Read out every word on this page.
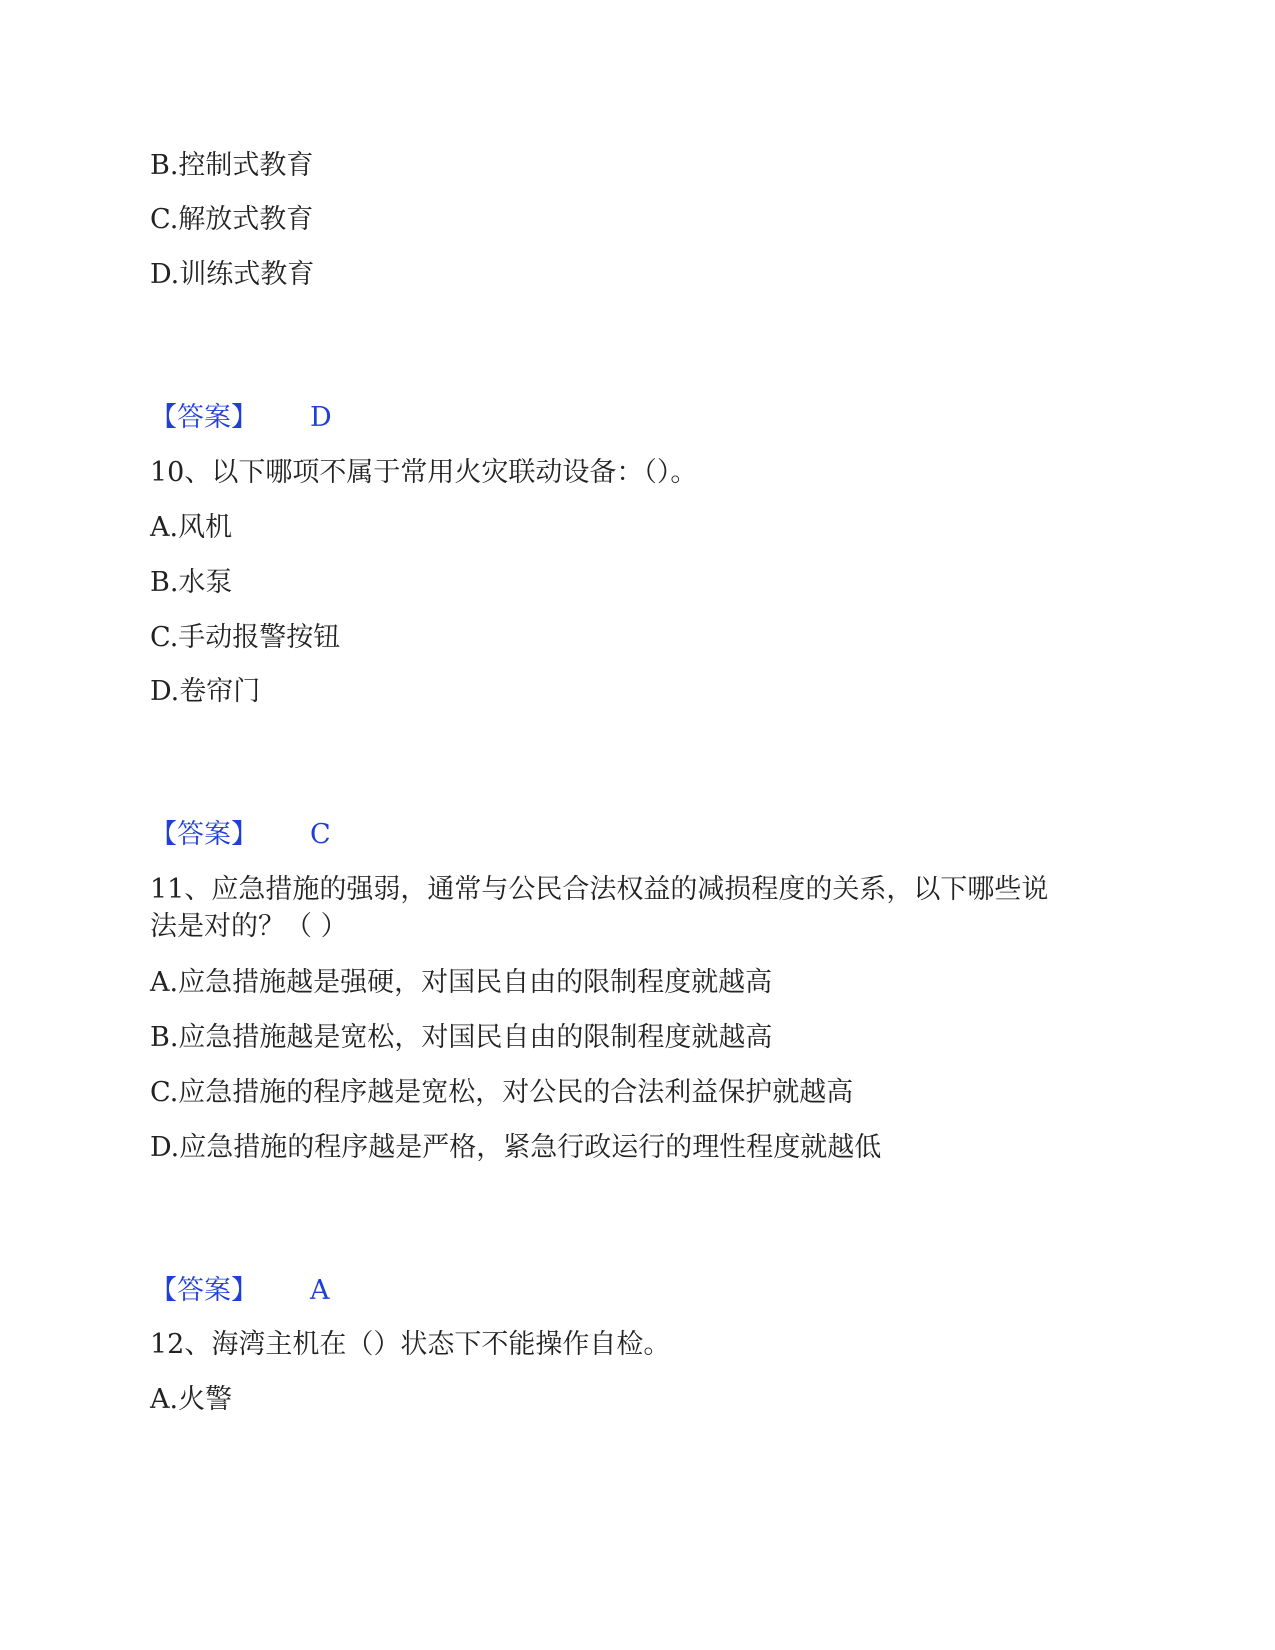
B.控制式教育
C.解放式教育
D.训练式教育
【答案】 D
10、以下哪项不属于常用火灾联动设备：（）。
A.风机
B.水泵
C.手动报警按钮
D.卷帘门
【答案】 C
11、应急措施的强弱，通常与公民合法权益的减损程度的关系，以下哪些说
法是对的？（ ）
A.应急措施越是强硬，对国民自由的限制程度就越高
B.应急措施越是宽松，对国民自由的限制程度就越高
C.应急措施的程序越是宽松，对公民的合法利益保护就越高
D.应急措施的程序越是严格，紧急行政运行的理性程度就越低
【答案】 A
12、海湾主机在（）状态下不能操作自检。
A.火警
